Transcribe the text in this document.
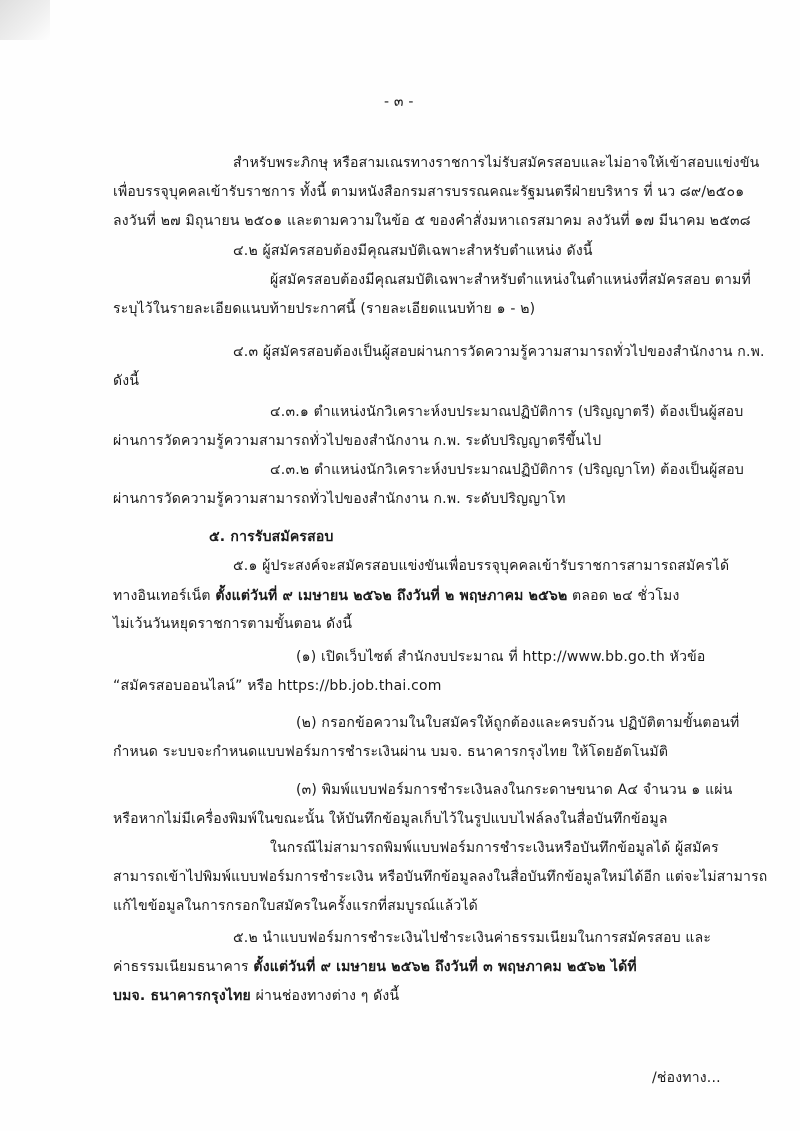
- ๓ -
สำหรับพระภิกษุ หรือสามเณรทางราชการไม่รับสมัครสอบและไม่อาจให้เข้าสอบแข่งขัน
เพื่อบรรจุบุคคลเข้ารับราชการ ทั้งนี้ ตามหนังสือกรมสารบรรณคณะรัฐมนตรีฝ่ายบริหาร ที่ นว ๘๙/๒๕๐๑
ลงวันที่ ๒๗ มิถุนายน ๒๕๐๑ และตามความในข้อ ๕ ของคำสั่งมหาเถรสมาคม ลงวันที่ ๑๗ มีนาคม ๒๕๓๘
๔.๒ ผู้สมัครสอบต้องมีคุณสมบัติเฉพาะสำหรับตำแหน่ง ดังนี้
ผู้สมัครสอบต้องมีคุณสมบัติเฉพาะสำหรับตำแหน่งในตำแหน่งที่สมัครสอบ ตามที่
ระบุไว้ในรายละเอียดแนบท้ายประกาศนี้ (รายละเอียดแนบท้าย ๑ - ๒)
๔.๓ ผู้สมัครสอบต้องเป็นผู้สอบผ่านการวัดความรู้ความสามารถทั่วไปของสำนักงาน ก.พ.
ดังนี้
๔.๓.๑ ตำแหน่งนักวิเคราะห์งบประมาณปฏิบัติการ (ปริญญาตรี) ต้องเป็นผู้สอบ
ผ่านการวัดความรู้ความสามารถทั่วไปของสำนักงาน ก.พ. ระดับปริญญาตรีขึ้นไป
๔.๓.๒ ตำแหน่งนักวิเคราะห์งบประมาณปฏิบัติการ (ปริญญาโท) ต้องเป็นผู้สอบ
ผ่านการวัดความรู้ความสามารถทั่วไปของสำนักงาน ก.พ. ระดับปริญญาโท
๕. การรับสมัครสอบ
๕.๑ ผู้ประสงค์จะสมัครสอบแข่งขันเพื่อบรรจุบุคคลเข้ารับราชการสามารถสมัครได้
ทางอินเทอร์เน็ต ตั้งแต่วันที่ ๙ เมษายน ๒๕๖๒ ถึงวันที่ ๒ พฤษภาคม ๒๕๖๒ ตลอด ๒๔ ชั่วโมง
ไม่เว้นวันหยุดราชการตามขั้นตอน ดังนี้
(๑) เปิดเว็บไซต์ สำนักงบประมาณ ที่ http://www.bb.go.th หัวข้อ
“สมัครสอบออนไลน์” หรือ https://bb.job.thai.com
(๒) กรอกข้อความในใบสมัครให้ถูกต้องและครบถ้วน ปฏิบัติตามขั้นตอนที่
กำหนด ระบบจะกำหนดแบบฟอร์มการชำระเงินผ่าน บมจ. ธนาคารกรุงไทย ให้โดยอัตโนมัติ
(๓) พิมพ์แบบฟอร์มการชำระเงินลงในกระดาษขนาด A๔ จำนวน ๑ แผ่น
หรือหากไม่มีเครื่องพิมพ์ในขณะนั้น ให้บันทึกข้อมูลเก็บไว้ในรูปแบบไฟล์ลงในสื่อบันทึกข้อมูล
ในกรณีไม่สามารถพิมพ์แบบฟอร์มการชำระเงินหรือบันทึกข้อมูลได้ ผู้สมัคร
สามารถเข้าไปพิมพ์แบบฟอร์มการชำระเงิน หรือบันทึกข้อมูลลงในสื่อบันทึกข้อมูลใหม่ได้อีก แต่จะไม่สามารถ
แก้ไขข้อมูลในการกรอกใบสมัครในครั้งแรกที่สมบูรณ์แล้วได้
๕.๒ นำแบบฟอร์มการชำระเงินไปชำระเงินค่าธรรมเนียมในการสมัครสอบ และ
ค่าธรรมเนียมธนาคาร ตั้งแต่วันที่ ๙ เมษายน ๒๕๖๒ ถึงวันที่ ๓ พฤษภาคม ๒๕๖๒ ได้ที่
บมจ. ธนาคารกรุงไทย ผ่านช่องทางต่าง ๆ ดังนี้
/ช่องทาง...
